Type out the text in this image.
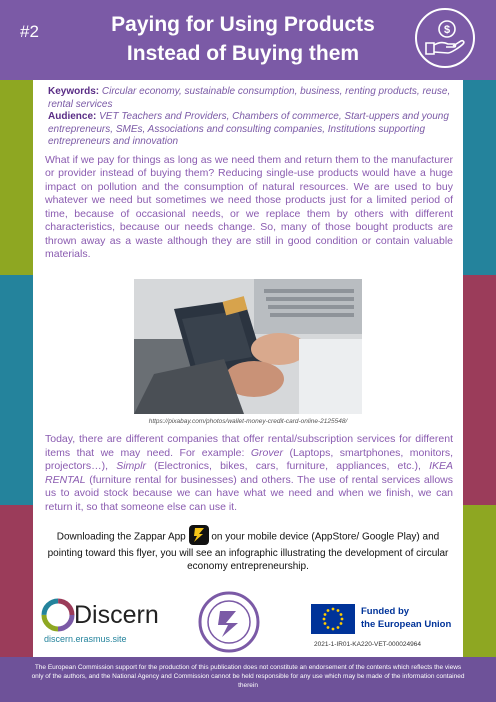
#2	Paying for Using Products
Instead of Buying them
$
Keywords: Circular economy, sustainable consumption, business, renting products, reuse, rental services
Audience: VET Teachers and Providers, Chambers of commerce, Start-uppers and young entrepreneurs, SMEs, Associations and consulting companies, Institutions supporting entrepreneurs and innovation

What if we pay for things as long as we need them and return them to the manufacturer or provider instead of buying them? Reducing single-use products would have a huge impact on pollution and the consumption of natural resources. We are used to buy whatever we need but sometimes we need those products just for a limited period of time, because of occasional needs, or we replace them by others with different characteristics, because our needs change. So, many of those bought products are thrown away as a waste although they are still in good condition or contain valuable materials.

https://pixabay.com/photos/wallet-money-credit-card-online-2125548/

Today, there are different companies that offer rental/subscription services for different items that we may need. For example: Grover (Laptops, smartphones, monitors, projectors…), Simplr (Electronics, bikes, cars, furniture, appliances, etc.), IKEA RENTAL (furniture rental for businesses) and others. The use of rental services allows us to avoid stock because we can have what we need and when we finish, we can return it, so that someone else can use it.

Downloading the Zappar App	on your mobile device (AppStore/ Google Play) and pointing toward this flyer, you will see an infographic illustrating the development of circular economy entrepreneurship.
Discern
discern.erasmus.site
Funded by
the European Union
2021-1-IR01-KA220-VET-000024964

The European Commission support for the production of this publication does not constitute an endorsement of the contents which reflects the views only of the authors, and the National Agency and Commission cannot be held responsible for any use which may be made of the information contained therein
